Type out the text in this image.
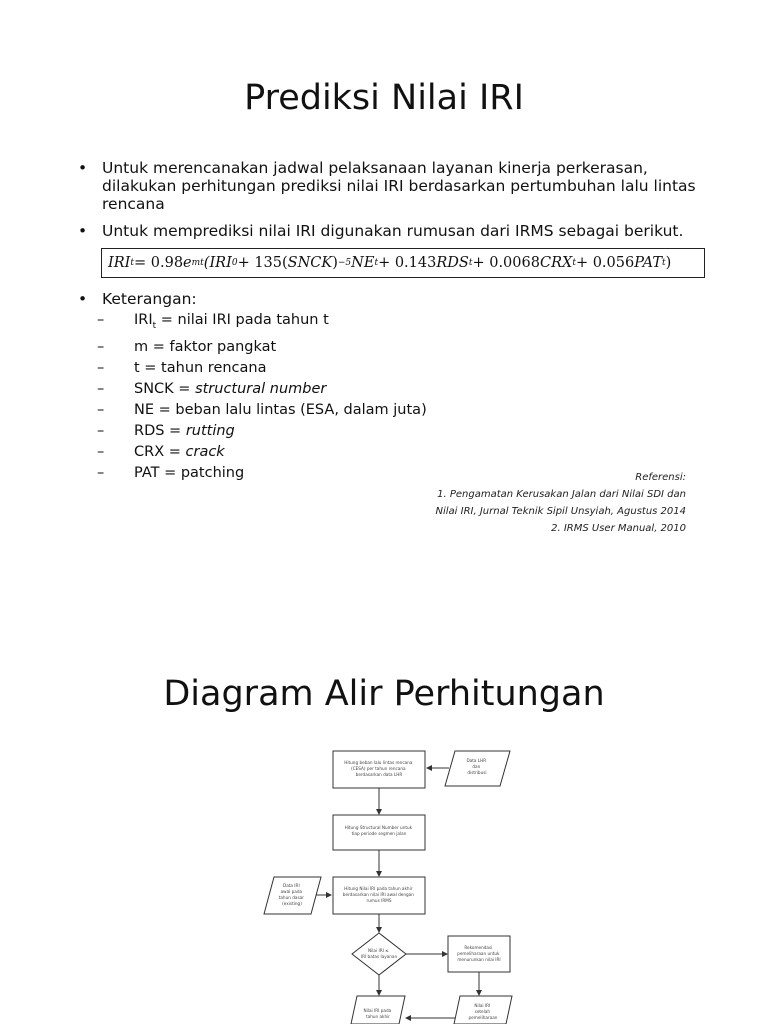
Prediksi Nilai IRI
• Untuk merencanakan jadwal pelaksanaan layanan kinerja perkerasan, dilakukan perhitungan prediksi nilai IRI berdasarkan pertumbuhan lalu lintas rencana
• Untuk memprediksi nilai IRI digunakan rumusan dari IRMS sebagai berikut.
IRI t = 0.98 e mt (IRI 0 + 135( SNCK ) −5 NE t + 0.143 RDS t + 0.0068 CRX t + 0.056 PAT t )
• Keterangan:
– $IRI_t$ = nilai IRI pada tahun t
– m = faktor pangkat
– t = tahun rencana
– SNCK = structural number
– NE = beban lalu lintas (ESA, dalam juta)
– RDS = rutting
– CRX = crack
– PAT = patching	Referensi:
1. Pengamatan Kerusakan Jalan dari Nilai SDI dan
Nilai IRI, Jurnal Teknik Sipil Unsyiah, Agustus 2014
2. IRMS User Manual, 2010
Diagram Alir Perhitungan
Hitung beban lalu lintas rencana (CESA) per tahun rencana berdasarkan data LHR
Data LHR dan distribusi
Hitung Structural Number untuk tiap periode segmen jalan
Hitung Nilai IRI pada tahun akhir berdasarkan nilai IRI awal dengan rumus IRMS
Data IRI awal pada tahun dasar (existing)
Nilai IRI ≤ IRI batas layanan
Rekomendasi pemeliharaan untuk menurunkan nilai IRI
Nilai IRI pada tahun akhir
Nilai IRI setelah pemeliharaan
